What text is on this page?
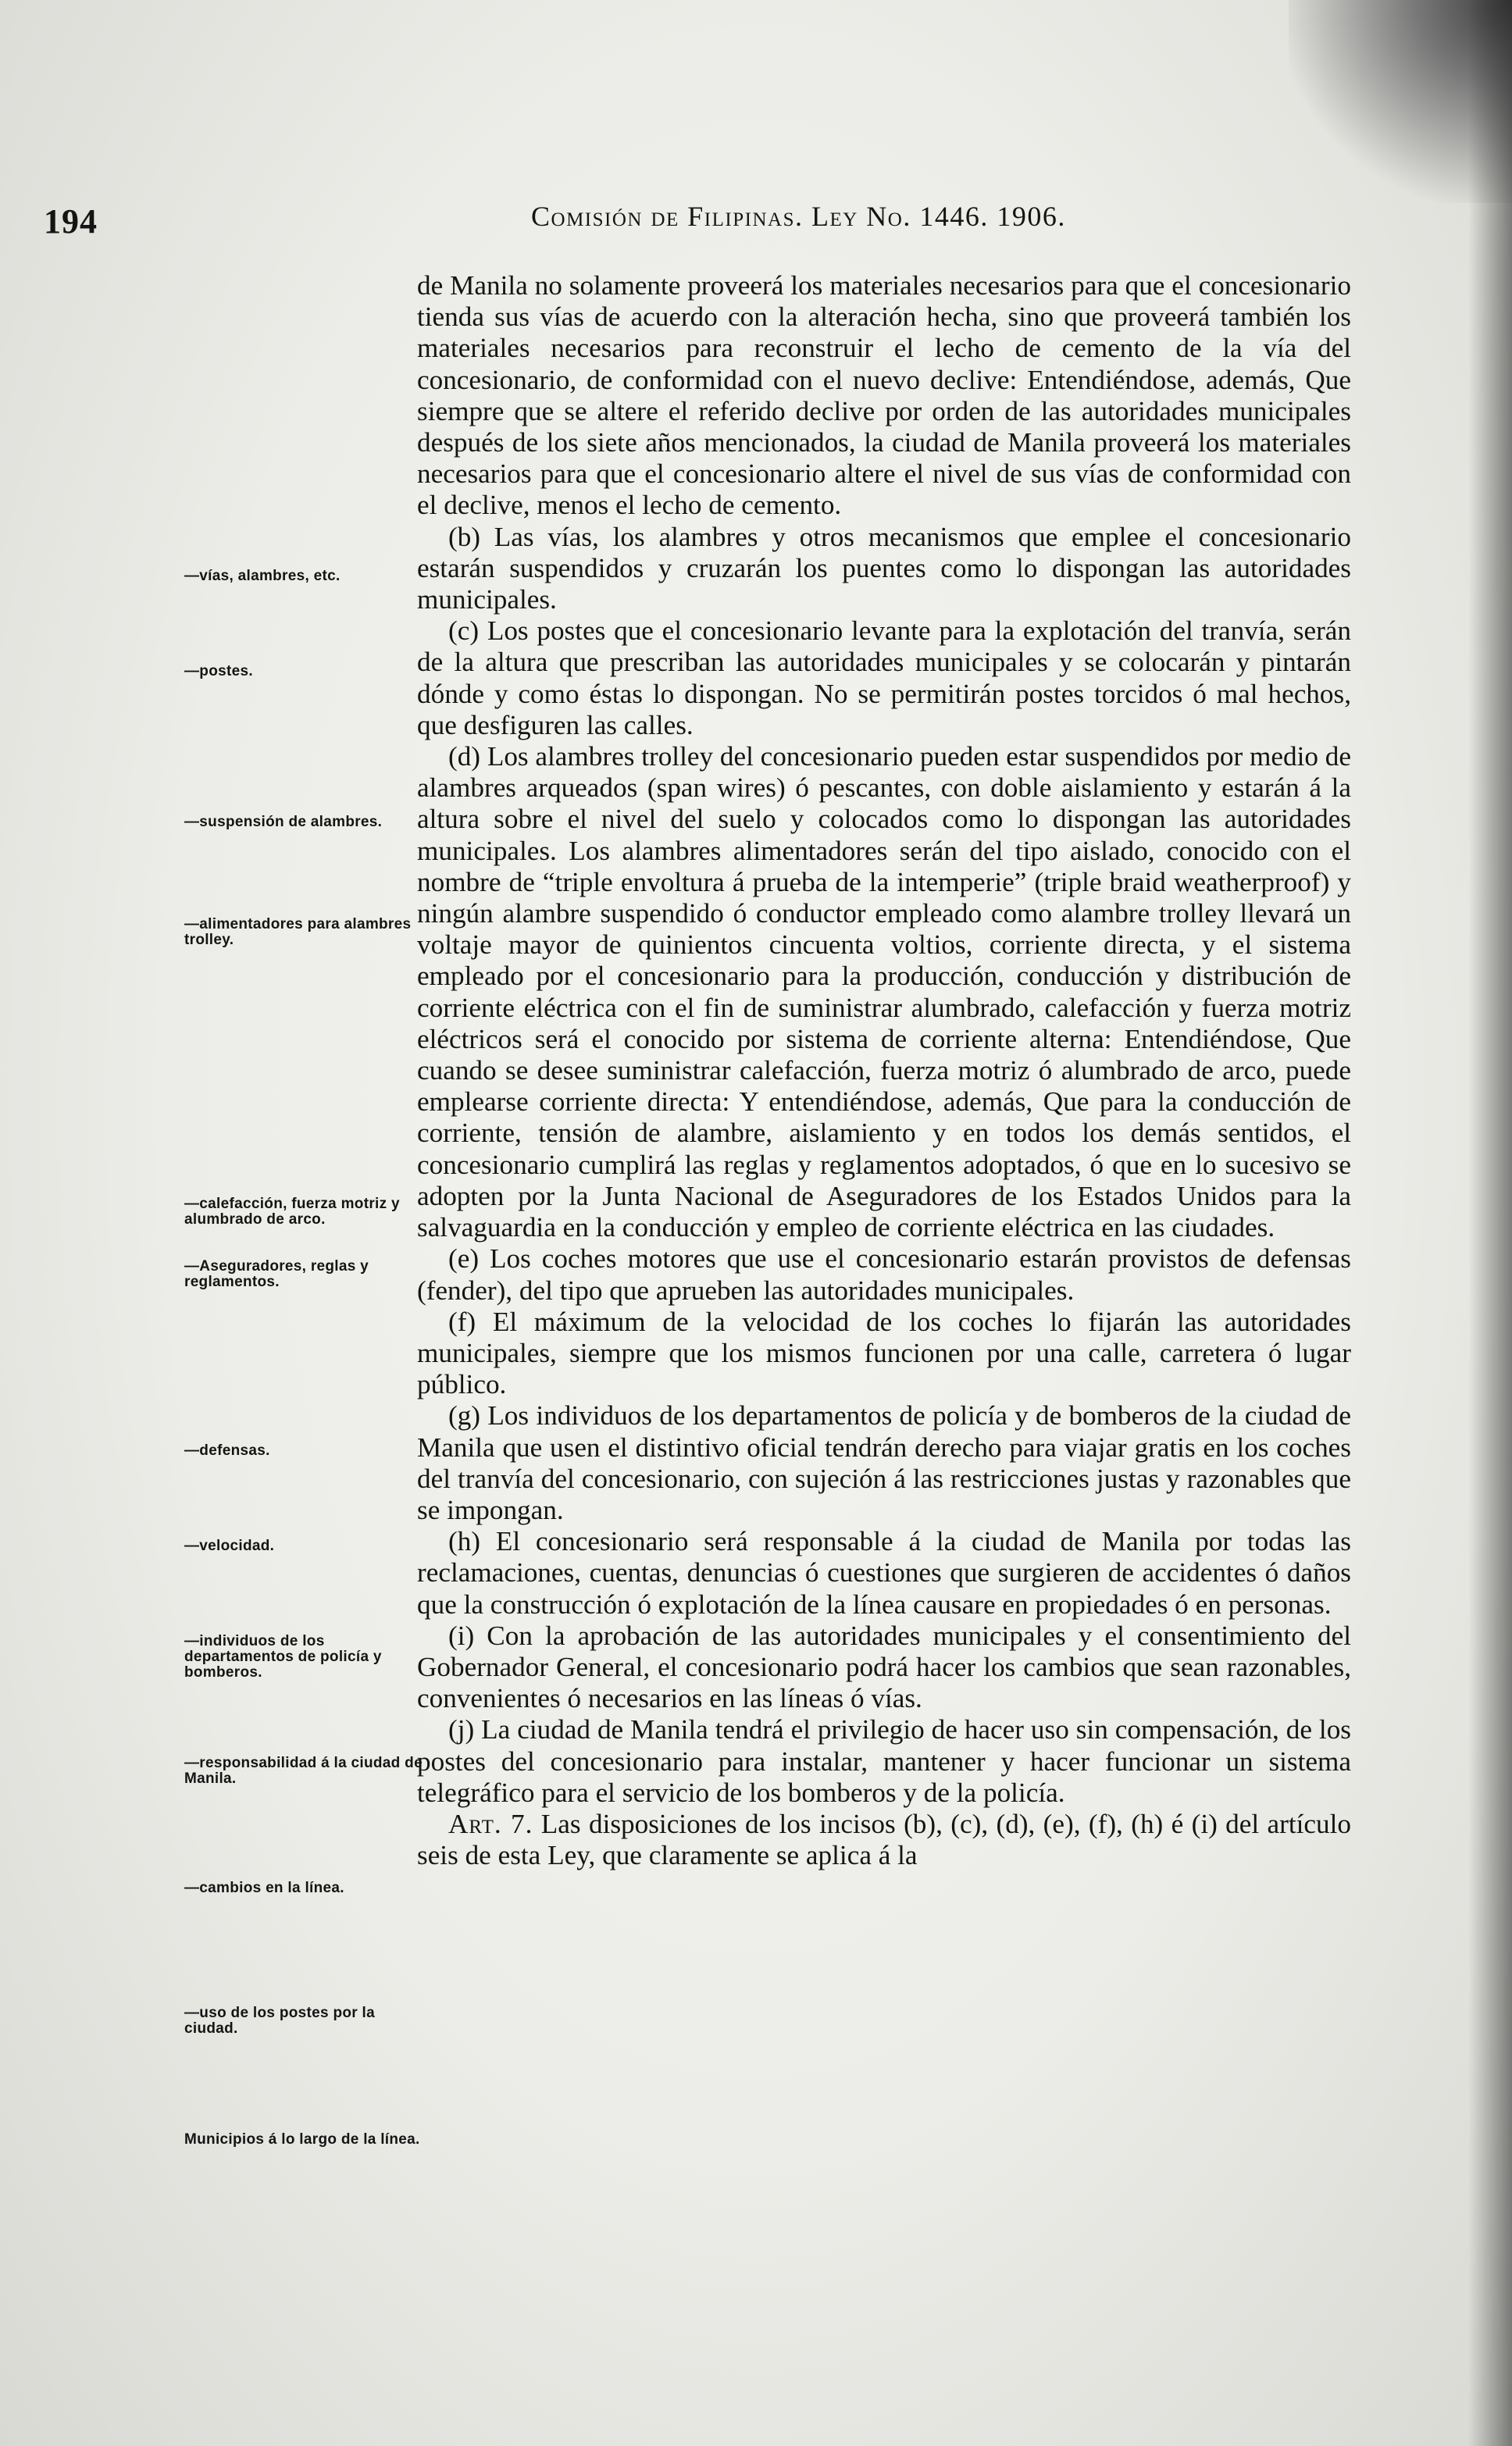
194	Comisión de Filipinas. Ley No. 1446. 1906.

de Manila no solamente proveerá los materiales necesarios para que el concesionario tienda sus vías de acuerdo con la alteración hecha, sino que proveerá también los materiales necesarios para reconstruir el lecho de cemento de la vía del concesionario, de conformidad con el nuevo declive: Entendiéndose, además, Que siempre que se altere el referido declive por orden de las autoridades municipales después de los siete años mencionados, la ciudad de Manila proveerá los materiales necesarios para que el concesionario altere el nivel de sus vías de conformidad con el declive, menos el lecho de cemento.

(b) Las vías, los alambres y otros mecanismos que emplee el concesionario estarán suspendidos y cruzarán los puentes como lo dispongan las autoridades municipales.

(c) Los postes que el concesionario levante para la explotación del tranvía, serán de la altura que prescriban las autoridades municipales y se colocarán y pintarán dónde y como éstas lo dispongan. No se permitirán postes torcidos ó mal hechos, que desfiguren las calles.

(d) Los alambres trolley del concesionario pueden estar suspendidos por medio de alambres arqueados (span wires) ó pescantes, con doble aislamiento y estarán á la altura sobre el nivel del suelo y colocados como lo dispongan las autoridades municipales. Los alambres alimentadores serán del tipo aislado, conocido con el nombre de “triple envoltura á prueba de la intemperie” (triple braid weatherproof) y ningún alambre suspendido ó conductor empleado como alambre trolley llevará un voltaje mayor de quinientos cincuenta voltios, corriente directa, y el sistema empleado por el concesionario para la producción, conducción y distribución de corriente eléctrica con el fin de suministrar alumbrado, calefacción y fuerza motriz eléctricos será el conocido por sistema de corriente alterna: Entendiéndose, Que cuando se desee suministrar calefacción, fuerza motriz ó alumbrado de arco, puede emplearse corriente directa: Y entendiéndose, además, Que para la conducción de corriente, tensión de alambre, aislamiento y en todos los demás sentidos, el concesionario cumplirá las reglas y reglamentos adoptados, ó que en lo sucesivo se adopten por la Junta Nacional de Aseguradores de los Estados Unidos para la salvaguardia en la conducción y empleo de corriente eléctrica en las ciudades.

(e) Los coches motores que use el concesionario estarán provistos de defensas (fender), del tipo que aprueben las autoridades municipales.

(f) El máximum de la velocidad de los coches lo fijarán las autoridades municipales, siempre que los mismos funcionen por una calle, carretera ó lugar público.

(g) Los individuos de los departamentos de policía y de bomberos de la ciudad de Manila que usen el distintivo oficial tendrán derecho para viajar gratis en los coches del tranvía del concesionario, con sujeción á las restricciones justas y razonables que se impongan.

(h) El concesionario será responsable á la ciudad de Manila por todas las reclamaciones, cuentas, denuncias ó cuestiones que surgieren de accidentes ó daños que la construcción ó explotación de la línea causare en propiedades ó en personas.

(i) Con la aprobación de las autoridades municipales y el consentimiento del Gobernador General, el concesionario podrá hacer los cambios que sean razonables, convenientes ó necesarios en las líneas ó vías.

(j) La ciudad de Manila tendrá el privilegio de hacer uso sin compensación, de los postes del concesionario para instalar, mantener y hacer funcionar un sistema telegráfico para el servicio de los bomberos y de la policía.

Art. 7. Las disposiciones de los incisos (b), (c), (d), (e), (f), (h) é (i) del artículo seis de esta Ley, que claramente se aplica á la

—vías, alambres, etc.
—postes.
—suspensión de alambres.
—alimentadores para alambres trolley.
—calefacción, fuerza motriz y alumbrado de arco.
—Aseguradores, reglas y reglamentos.
—defensas.
—velocidad.
—individuos de los departamentos de policía y bomberos.
—responsabilidad á la ciudad de Manila.
—cambios en la línea.
—uso de los postes por la ciudad.
Municipios á lo largo de la línea.
